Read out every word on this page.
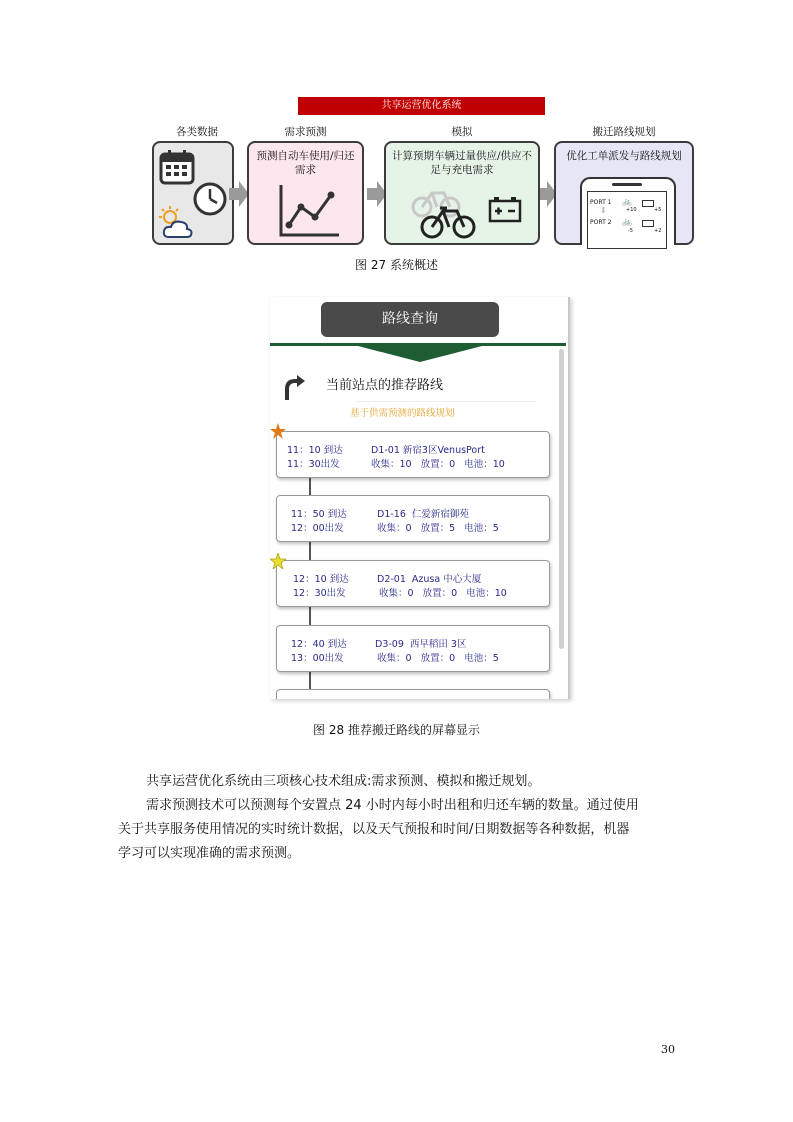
共享运营优化系统
各类数据	需求预测	模拟	搬迁路线规划
预测自动车使用/归还需求
计算预期车辆过量供应/供应不足与充电需求
优化工单派发与路线规划
PORT 1
PORT 2
🚲
🚲
+10	+5
-5	+2
⬇
图 27 系统概述
路线查询
当前站点的推荐路线
基于供需预测的路线规划
11：10 到达
11：30出发
D1-01 新宿3区VenusPort
收集：10   放置：0   电池：10
11：50 到达
12：00出发
D1-16  仁爱新宿御苑
收集：0   放置：5   电池：5
12：10 到达
12：30出发
D2-01  Azusa 中心大厦
收集：0   放置：0   电池：10
12：40 到达
13：00出发
D3-09  西早稻田 3区
收集：0   放置：0   电池：5
图 28 推荐搬迁路线的屏幕显示
共享运营优化系统由三项核心技术组成:需求预测、模拟和搬迁规划。
需求预测技术可以预测每个安置点 24 小时内每小时出租和归还车辆的数量。通过使用
关于共享服务使用情况的实时统计数据，以及天气预报和时间/日期数据等各种数据，机器
学习可以实现准确的需求预测。
30
